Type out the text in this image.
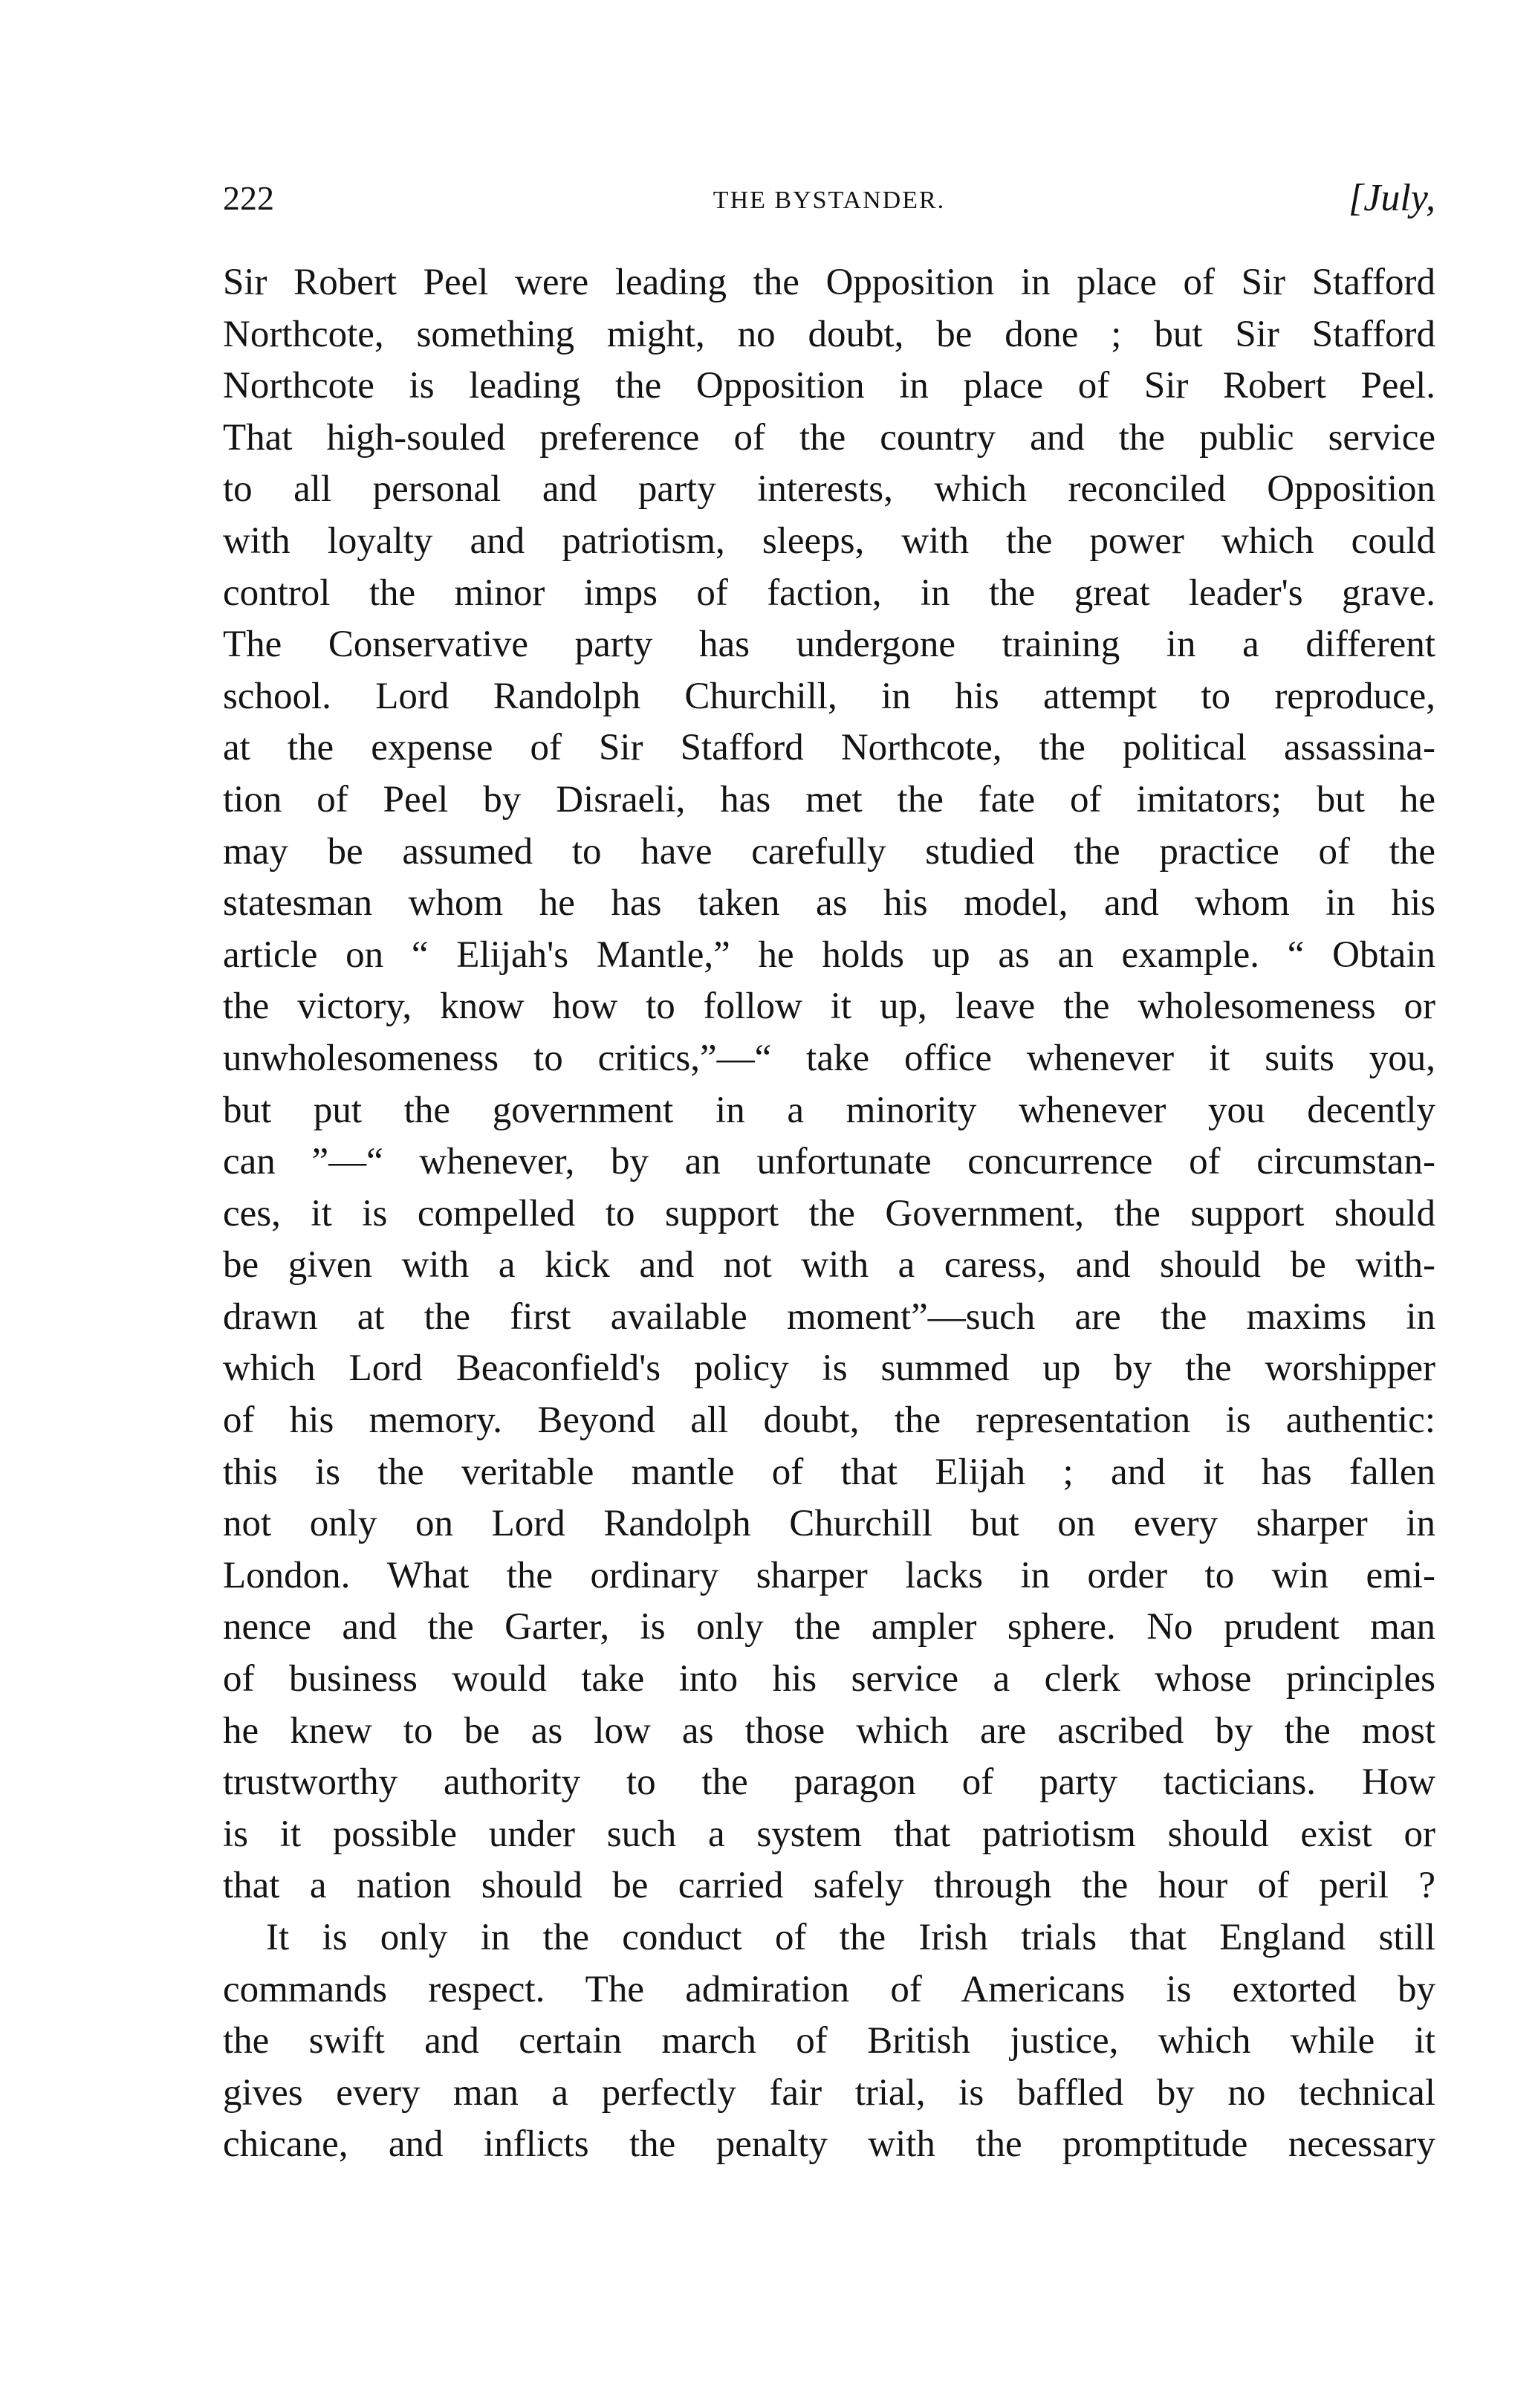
222	THE BYSTANDER.	[July,
Sir Robert Peel were leading the Opposition in place of Sir Stafford
Northcote, something might, no doubt, be done ; but Sir Stafford
Northcote is leading the Opposition in place of Sir Robert Peel.
That high-souled preference of the country and the public service
to all personal and party interests, which reconciled Opposition
with loyalty and patriotism, sleeps, with the power which could
control the minor imps of faction, in the great leader's grave.
The Conservative party has undergone training in a different
school. Lord Randolph Churchill, in his attempt to reproduce,
at the expense of Sir Stafford Northcote, the political assassina-
tion of Peel by Disraeli, has met the fate of imitators; but he
may be assumed to have carefully studied the practice of the
statesman whom he has taken as his model, and whom in his
article on “ Elijah's Mantle,” he holds up as an example. “ Obtain
the victory, know how to follow it up, leave the wholesomeness or
unwholesomeness to critics,”—“ take office whenever it suits you,
but put the government in a minority whenever you decently
can ”—“ whenever, by an unfortunate concurrence of circumstan-
ces, it is compelled to support the Government, the support should
be given with a kick and not with a caress, and should be with-
drawn at the first available moment”—such are the maxims in
which Lord Beaconfield's policy is summed up by the worshipper
of his memory. Beyond all doubt, the representation is authentic:
this is the veritable mantle of that Elijah ; and it has fallen
not only on Lord Randolph Churchill but on every sharper in
London. What the ordinary sharper lacks in order to win emi-
nence and the Garter, is only the ampler sphere. No prudent man
of business would take into his service a clerk whose principles
he knew to be as low as those which are ascribed by the most
trustworthy authority to the paragon of party tacticians. How
is it possible under such a system that patriotism should exist or
that a nation should be carried safely through the hour of peril ?
It is only in the conduct of the Irish trials that England still
commands respect. The admiration of Americans is extorted by
the swift and certain march of British justice, which while it
gives every man a perfectly fair trial, is baffled by no technical
chicane, and inflicts the penalty with the promptitude necessary
